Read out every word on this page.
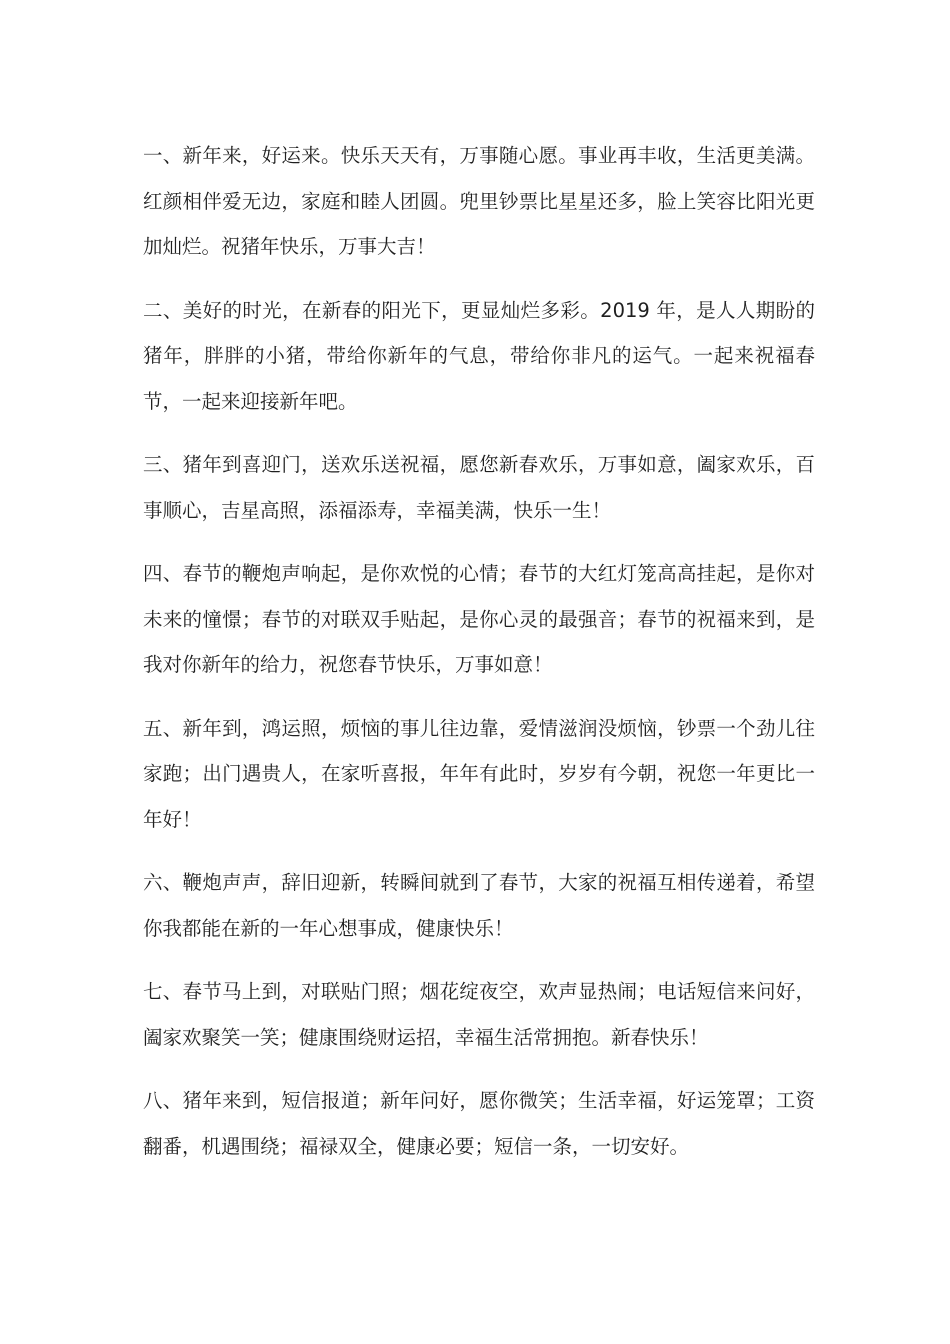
一、新年来，好运来。快乐天天有，万事随心愿。事业再丰收，生活更美满。红颜相伴爱无边，家庭和睦人团圆。兜里钞票比星星还多，脸上笑容比阳光更加灿烂。祝猪年快乐，万事大吉！

二、美好的时光，在新春的阳光下，更显灿烂多彩。2019 年，是人人期盼的猪年，胖胖的小猪，带给你新年的气息，带给你非凡的运气。一起来祝福春节，一起来迎接新年吧。

三、猪年到喜迎门，送欢乐送祝福，愿您新春欢乐，万事如意，阖家欢乐，百事顺心，吉星高照，添福添寿，幸福美满，快乐一生！

四、春节的鞭炮声响起，是你欢悦的心情；春节的大红灯笼高高挂起，是你对未来的憧憬；春节的对联双手贴起，是你心灵的最强音；春节的祝福来到，是我对你新年的给力，祝您春节快乐，万事如意！

五、新年到，鸿运照，烦恼的事儿往边靠，爱情滋润没烦恼，钞票一个劲儿往家跑；出门遇贵人，在家听喜报，年年有此时，岁岁有今朝，祝您一年更比一年好！

六、鞭炮声声，辞旧迎新，转瞬间就到了春节，大家的祝福互相传递着，希望你我都能在新的一年心想事成，健康快乐！

七、春节马上到，对联贴门照；烟花绽夜空，欢声显热闹；电话短信来问好，阖家欢聚笑一笑；健康围绕财运招，幸福生活常拥抱。新春快乐！

八、猪年来到，短信报道；新年问好，愿你微笑；生活幸福，好运笼罩；工资翻番，机遇围绕；福禄双全，健康必要；短信一条，一切安好。
